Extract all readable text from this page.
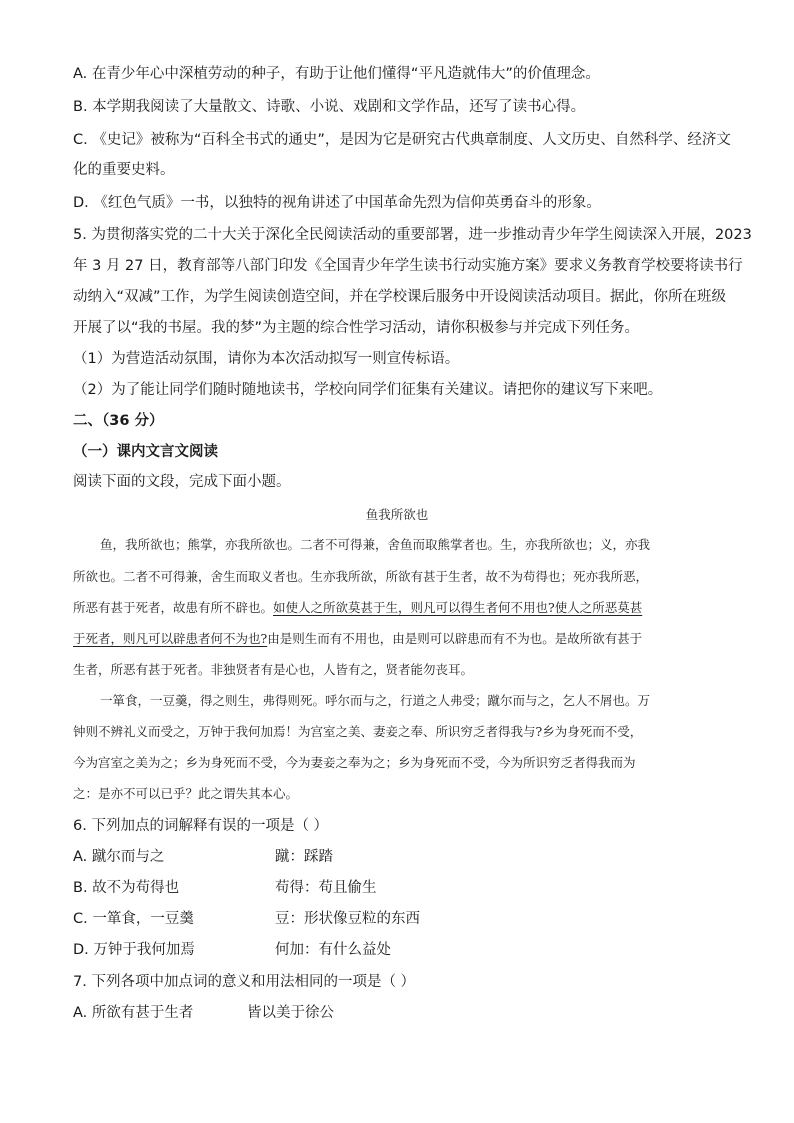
A. 在青少年心中深植劳动的种子，有助于让他们懂得“平凡造就伟大”的价值理念。
B. 本学期我阅读了大量散文、诗歌、小说、戏剧和文学作品，还写了读书心得。
C. 《史记》被称为“百科全书式的通史”，是因为它是研究古代典章制度、人文历史、自然科学、经济文
化的重要史料。
D. 《红色气质》一书，以独特的视角讲述了中国革命先烈为信仰英勇奋斗的形象。
5. 为贯彻落实党的二十大关于深化全民阅读活动的重要部署，进一步推动青少年学生阅读深入开展，2023
年 3 月 27 日，教育部等八部门印发《全国青少年学生读书行动实施方案》要求义务教育学校要将读书行
动纳入“双减”工作，为学生阅读创造空间，并在学校课后服务中开设阅读活动项目。据此，你所在班级
开展了以“我的书屋。我的梦”为主题的综合性学习活动，请你积极参与并完成下列任务。
（1）为营造活动氛围，请你为本次活动拟写一则宣传标语。
（2）为了能让同学们随时随地读书，学校向同学们征集有关建议。请把你的建议写下来吧。
二、（36 分）
（一）课内文言文阅读
阅读下面的文段，完成下面小题。
鱼我所欲也
鱼，我所欲也；熊掌，亦我所欲也。二者不可得兼，舍鱼而取熊掌者也。生，亦我所欲也；义，亦我
所欲也。二者不可得兼，舍生而取义者也。生亦我所欲，所欲有甚于生者，故不为苟得也；死亦我所恶，
所恶有甚于死者，故患有所不辟也。如使人之所欲莫甚于生，则凡可以得生者何不用也?使人之所恶莫甚
于死者，则凡可以辟患者何不为也?由是则生而有不用也，由是则可以辟患而有不为也。是故所欲有甚于
生者，所恶有甚于死者。非独贤者有是心也，人皆有之，贤者能勿丧耳。
一箪食，一豆羹，得之则生，弗得则死。呼尔而与之，行道之人弗受；蹴尔而与之，乞人不屑也。万
钟则不辨礼义而受之，万钟于我何加焉！为宫室之美、妻妾之奉、所识穷乏者得我与?乡为身死而不受，
今为宫室之美为之；乡为身死而不受，今为妻妾之奉为之；乡为身死而不受，今为所识穷乏者得我而为
之：是亦不可以已乎？此之谓失其本心。
6. 下列加点的词解释有误的一项是（ ）
A. 蹴尔而与之	蹴：踩踏
B. 故不为苟得也	苟得：苟且偷生
C. 一箪食，一豆羹	豆：形状像豆粒的东西
D. 万钟于我何加焉	何加：有什么益处
7. 下列各项中加点词的意义和用法相同的一项是（ ）
A. 所欲有甚于生者	皆以美于徐公
